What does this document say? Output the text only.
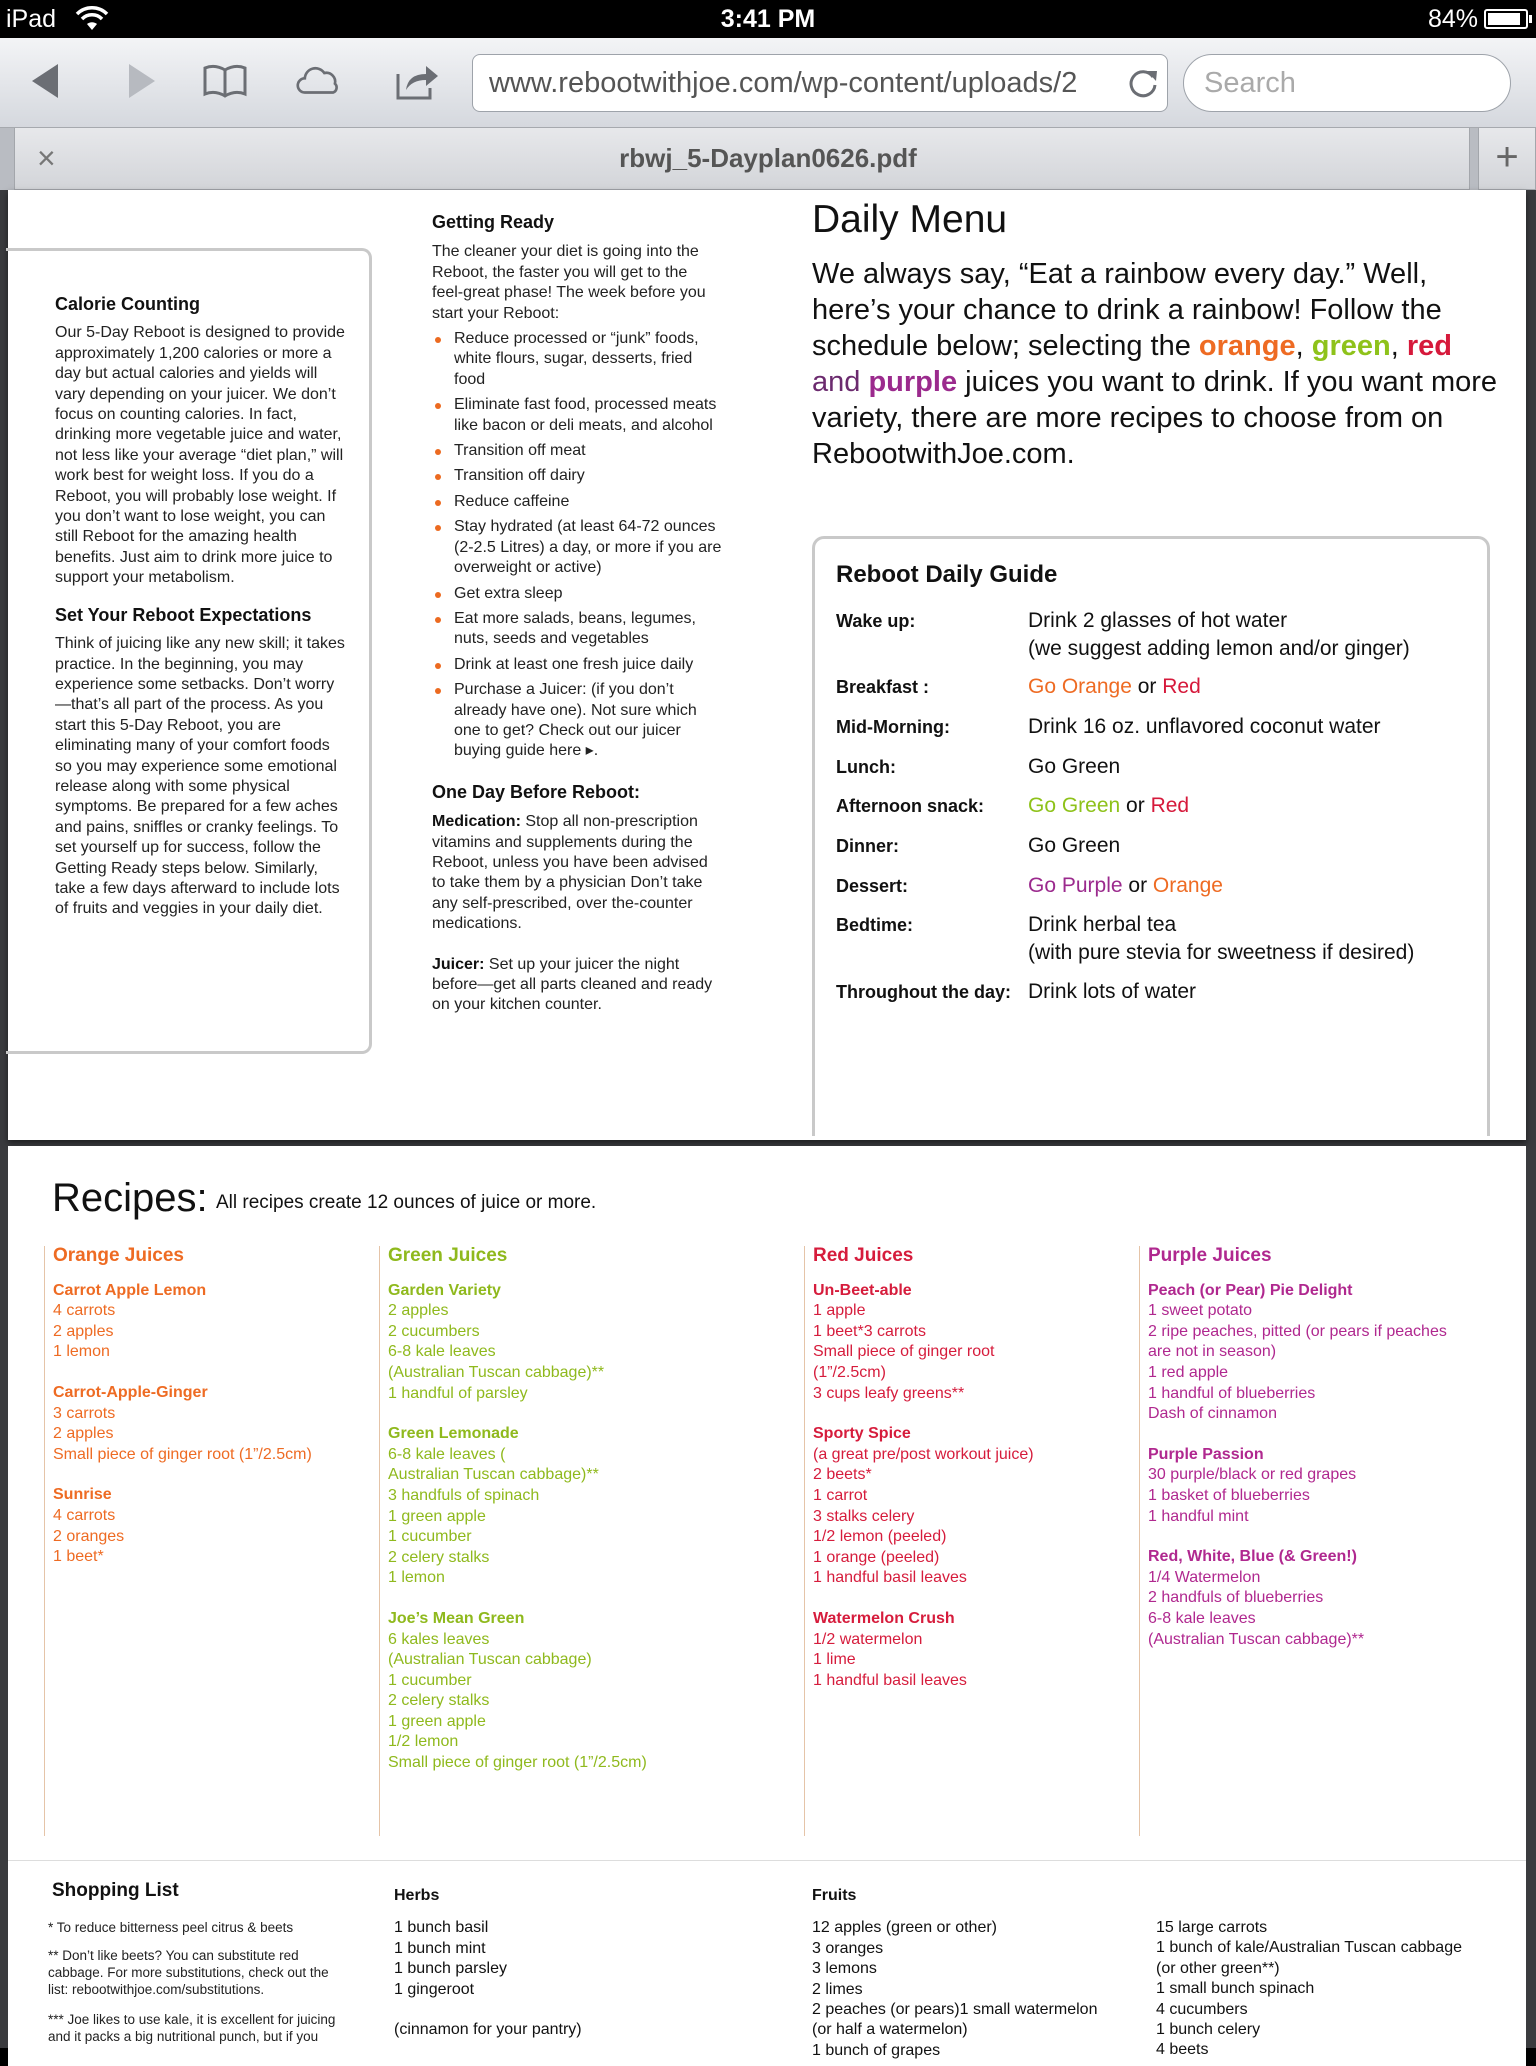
iPad	3:41 PM	84%
www.rebootwithjoe.com/wp-content/uploads/2	Search
×	rbwj_5-Dayplan0626.pdf	+
Calorie Counting

Our 5-Day Reboot is designed to provide approximately 1,200 calories or more a day but actual calories and yields will vary depending on your juicer. We don’t focus on counting calories. In fact, drinking more vegetable juice and water, not less like your average “diet plan,” will work best for weight loss. If you do a Reboot, you will probably lose weight. If you don’t want to lose weight, you can still Reboot for the amazing health benefits. Just aim to drink more juice to support your metabolism.

Set Your Reboot Expectations

Think of juicing like any new skill; it takes practice. In the beginning, you may experience some setbacks. Don’t worry—that’s all part of the process. As you start this 5-Day Reboot, you are eliminating many of your comfort foods so you may experience some emotional release along with some physical symptoms. Be prepared for a few aches and pains, sniffles or cranky feelings. To set yourself up for success, follow the Getting Ready steps below. Similarly, take a few days afterward to include lots of fruits and veggies in your daily diet.

Getting Ready

The cleaner your diet is going into the Reboot, the faster you will get to the feel-great phase! The week before you start your Reboot:

Reduce processed or “junk” foods, white flours, sugar, desserts, fried food
Eliminate fast food, processed meats like bacon or deli meats, and alcohol
Transition off meat
Transition off dairy
Reduce caffeine
Stay hydrated (at least 64-72 ounces (2-2.5 Litres) a day, or more if you are overweight or active)
Get extra sleep
Eat more salads, beans, legumes, nuts, seeds and vegetables
Drink at least one fresh juice daily
Purchase a Juicer: (if you don’t already have one). Not sure which one to get? Check out our juicer buying guide here ▸.
One Day Before Reboot:

Medication: Stop all non-prescription vitamins and supplements during the Reboot, unless you have been advised to take them by a physician Don’t take any self-prescribed, over the-counter medications.

Juicer: Set up your juicer the night before—get all parts cleaned and ready on your kitchen counter.

Daily Menu
We always say, “Eat a rainbow every day.” Well, here’s your chance to drink a rainbow! Follow the schedule below; selecting the orange, green, red and purple juices you want to drink. If you want more variety, there are more recipes to choose from on RebootwithJoe.com.
Reboot Daily Guide
Wake up:	Drink 2 glasses of hot water
(we suggest adding lemon and/or ginger)
Breakfast :	Go Orange or Red
Mid-Morning:	Drink 16 oz. unflavored coconut water
Lunch:	Go Green
Afternoon snack: Go Green or Red
Dinner:	Go Green
Dessert:	Go Purple or Orange
Bedtime:	Drink herbal tea
(with pure stevia for sweetness if desired)
Throughout the day: Drink lots of water
Recipes: All recipes create 12 ounces of juice or more.
Orange Juices
Carrot Apple Lemon
4 carrots
2 apples
1 lemon
Carrot-Apple-Ginger
3 carrots
2 apples
Small piece of ginger root (1”/2.5cm)
Sunrise
4 carrots
2 oranges
1 beet*
Green Juices
Garden Variety
2 apples
2 cucumbers
6-8 kale leaves
(Australian Tuscan cabbage)**
1 handful of parsley
Green Lemonade
6-8 kale leaves (
Australian Tuscan cabbage)**
3 handfuls of spinach
1 green apple
1 cucumber
2 celery stalks
1 lemon
Joe’s Mean Green
6 kales leaves
(Australian Tuscan cabbage)
1 cucumber
2 celery stalks
1 green apple
1/2 lemon
Small piece of ginger root (1”/2.5cm)
Red Juices
Un-Beet-able
1 apple
1 beet*3 carrots
Small piece of ginger root
(1”/2.5cm)
3 cups leafy greens**
Sporty Spice
(a great pre/post workout juice)
2 beets*
1 carrot
3 stalks celery
1/2 lemon (peeled)
1 orange (peeled)
1 handful basil leaves
Watermelon Crush
1/2 watermelon
1 lime
1 handful basil leaves
Purple Juices
Peach (or Pear) Pie Delight
1 sweet potato
2 ripe peaches, pitted (or pears if peaches
are not in season)
1 red apple
1 handful of blueberries
Dash of cinnamon
Purple Passion
30 purple/black or red grapes
1 basket of blueberries
1 handful mint
Red, White, Blue (& Green!)
1/4 Watermelon
2 handfuls of blueberries
6-8 kale leaves
(Australian Tuscan cabbage)**
Shopping List
* To reduce bitterness peel citrus & beets
** Don’t like beets? You can substitute red cabbage. For more substitutions, check out the list: rebootwithjoe.com/substitutions.
*** Joe likes to use kale, it is excellent for juicing and it packs a big nutritional punch, but if you
Herbs
1 bunch basil
1 bunch mint
1 bunch parsley
1 gingeroot
(cinnamon for your pantry)
Fruits
12 apples (green or other)
3 oranges
3 lemons
2 limes
2 peaches (or pears)1 small watermelon
(or half a watermelon)
1 bunch of grapes
15 large carrots
1 bunch of kale/Australian Tuscan cabbage
(or other green**)
1 small bunch spinach
4 cucumbers
1 bunch celery
4 beets
